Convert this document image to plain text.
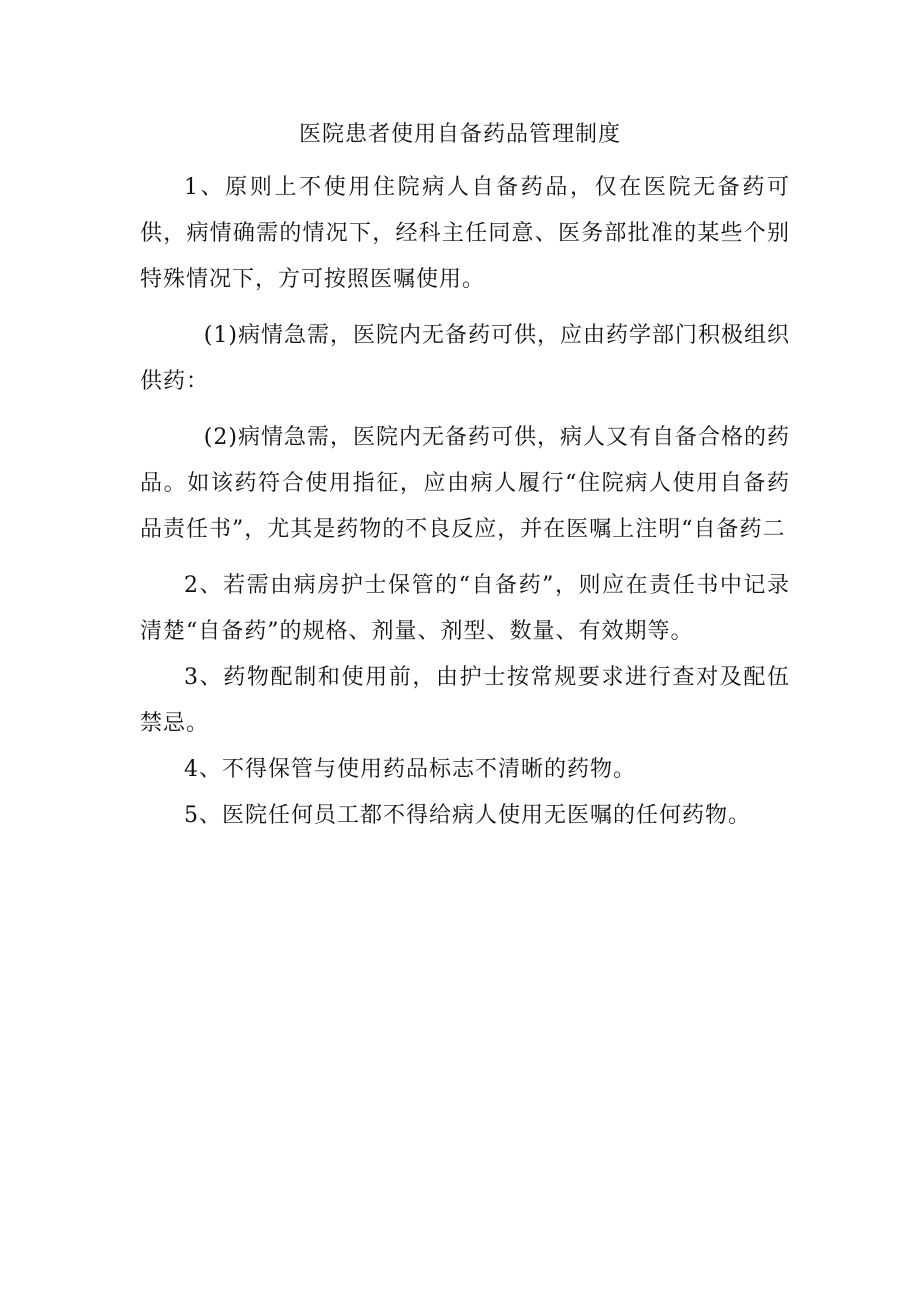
医院患者使用自备药品管理制度

1、原则上不使用住院病人自备药品，仅在医院无备药可供，病情确需的情况下，经科主任同意、医务部批准的某些个别特殊情况下，方可按照医嘱使用。

(1)病情急需，医院内无备药可供，应由药学部门积极组织供药：

(2)病情急需，医院内无备药可供，病人又有自备合格的药品。如该药符合使用指征，应由病人履行“住院病人使用自备药品责任书”，尤其是药物的不良反应，并在医嘱上注明“自备药二

2、若需由病房护士保管的“自备药”，则应在责任书中记录清楚“自备药”的规格、剂量、剂型、数量、有效期等。

3、药物配制和使用前，由护士按常规要求进行查对及配伍禁忌。

4、不得保管与使用药品标志不清晰的药物。

5、医院任何员工都不得给病人使用无医嘱的任何药物。
